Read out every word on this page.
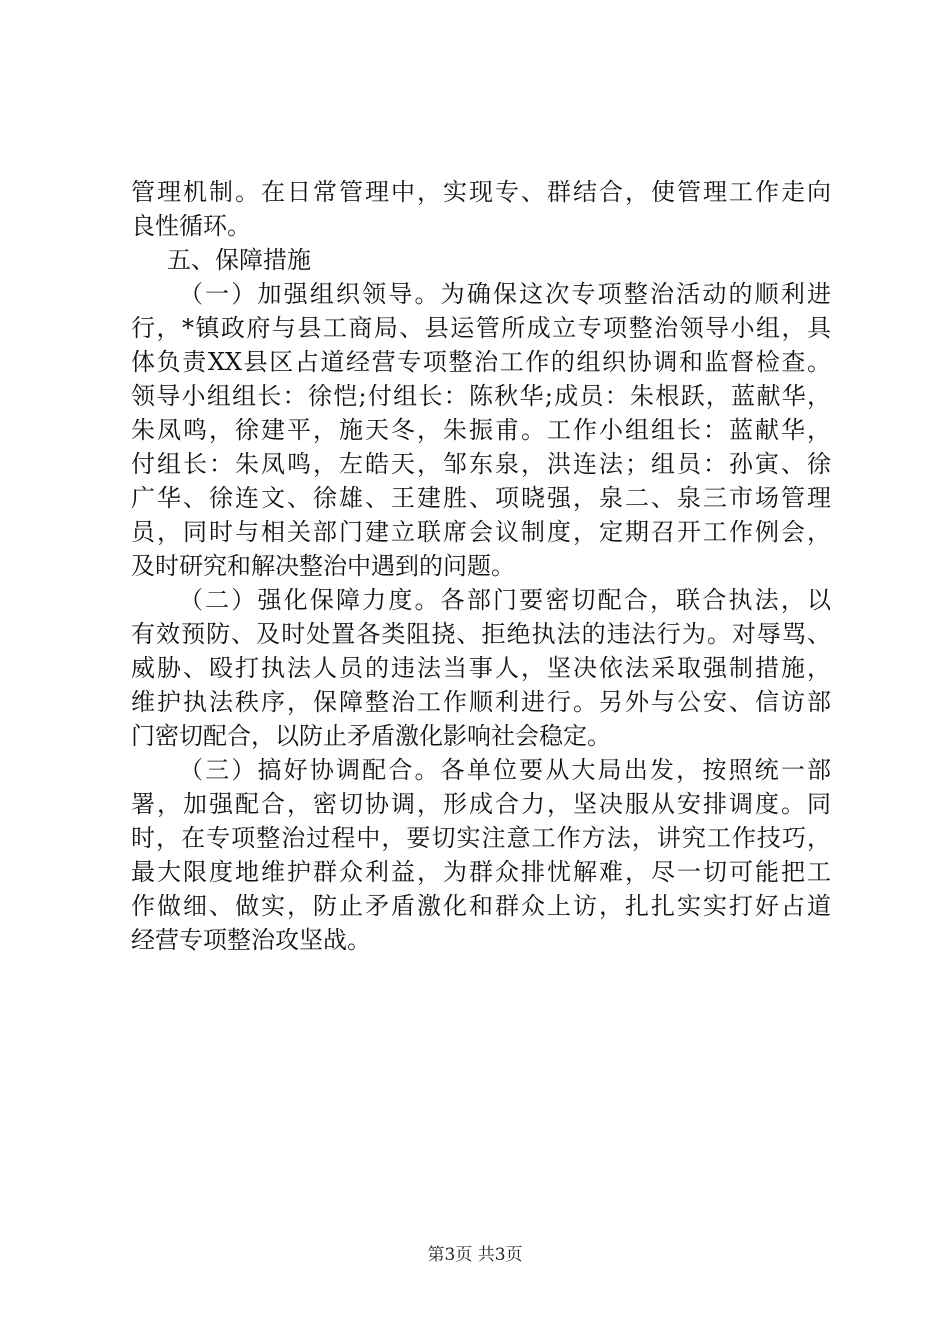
管理机制。在日常管理中，实现专、群结合，使管理工作走向
良性循环。
五、保障措施
（一）加强组织领导。为确保这次专项整治活动的顺利进
行，*镇政府与县工商局、县运管所成立专项整治领导小组，具
体负责XX县区占道经营专项整治工作的组织协调和监督检查。
领导小组组长：徐恺;付组长：陈秋华;成员：朱根跃，蓝献华，
朱凤鸣，徐建平，施天冬，朱振甫。工作小组组长：蓝献华，
付组长：朱凤鸣，左皓天，邹东泉，洪连法；组员：孙寅、徐
广华、徐连文、徐雄、王建胜、项晓强，泉二、泉三市场管理
员，同时与相关部门建立联席会议制度，定期召开工作例会，
及时研究和解决整治中遇到的问题。
（二）强化保障力度。各部门要密切配合，联合执法，以
有效预防、及时处置各类阻挠、拒绝执法的违法行为。对辱骂、
威胁、殴打执法人员的违法当事人，坚决依法采取强制措施，
维护执法秩序，保障整治工作顺利进行。另外与公安、信访部
门密切配合，以防止矛盾激化影响社会稳定。
（三）搞好协调配合。各单位要从大局出发，按照统一部
署，加强配合，密切协调，形成合力，坚决服从安排调度。同
时，在专项整治过程中，要切实注意工作方法，讲究工作技巧，
最大限度地维护群众利益，为群众排忧解难，尽一切可能把工
作做细、做实，防止矛盾激化和群众上访，扎扎实实打好占道
经营专项整治攻坚战。
第3页 共3页
